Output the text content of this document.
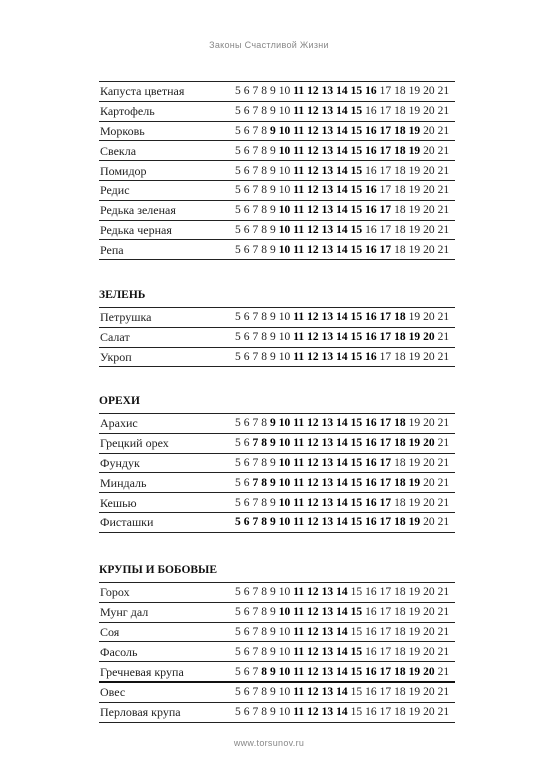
Законы Счастливой Жизни
Капуста цветная	5 6 7 8 9 10 11 12 13 14 15 16 17 18 19 20 21
Картофель	5 6 7 8 9 10 11 12 13 14 15 16 17 18 19 20 21
Морковь	5 6 7 8 9 10 11 12 13 14 15 16 17 18 19 20 21
Свекла	5 6 7 8 9 10 11 12 13 14 15 16 17 18 19 20 21
Помидор	5 6 7 8 9 10 11 12 13 14 15 16 17 18 19 20 21
Редис	5 6 7 8 9 10 11 12 13 14 15 16 17 18 19 20 21
Редька зеленая	5 6 7 8 9 10 11 12 13 14 15 16 17 18 19 20 21
Редька черная	5 6 7 8 9 10 11 12 13 14 15 16 17 18 19 20 21
Репа	5 6 7 8 9 10 11 12 13 14 15 16 17 18 19 20 21
ЗЕЛЕНЬ
Петрушка	5 6 7 8 9 10 11 12 13 14 15 16 17 18 19 20 21
Салат	5 6 7 8 9 10 11 12 13 14 15 16 17 18 19 20 21
Укроп	5 6 7 8 9 10 11 12 13 14 15 16 17 18 19 20 21
ОРЕХИ
Арахис	5 6 7 8 9 10 11 12 13 14 15 16 17 18 19 20 21
Грецкий орех	5 6 7 8 9 10 11 12 13 14 15 16 17 18 19 20 21
Фундук	5 6 7 8 9 10 11 12 13 14 15 16 17 18 19 20 21
Миндаль	5 6 7 8 9 10 11 12 13 14 15 16 17 18 19 20 21
Кешью	5 6 7 8 9 10 11 12 13 14 15 16 17 18 19 20 21
Фисташки	5 6 7 8 9 10 11 12 13 14 15 16 17 18 19 20 21
КРУПЫ И БОБОВЫЕ
Горох	5 6 7 8 9 10 11 12 13 14 15 16 17 18 19 20 21
Мунг дал	5 6 7 8 9 10 11 12 13 14 15 16 17 18 19 20 21
Соя	5 6 7 8 9 10 11 12 13 14 15 16 17 18 19 20 21
Фасоль	5 6 7 8 9 10 11 12 13 14 15 16 17 18 19 20 21
Гречневая крупа	5 6 7 8 9 10 11 12 13 14 15 16 17 18 19 20 21
Овес	5 6 7 8 9 10 11 12 13 14 15 16 17 18 19 20 21
Перловая крупа	5 6 7 8 9 10 11 12 13 14 15 16 17 18 19 20 21
www.torsunov.ru
